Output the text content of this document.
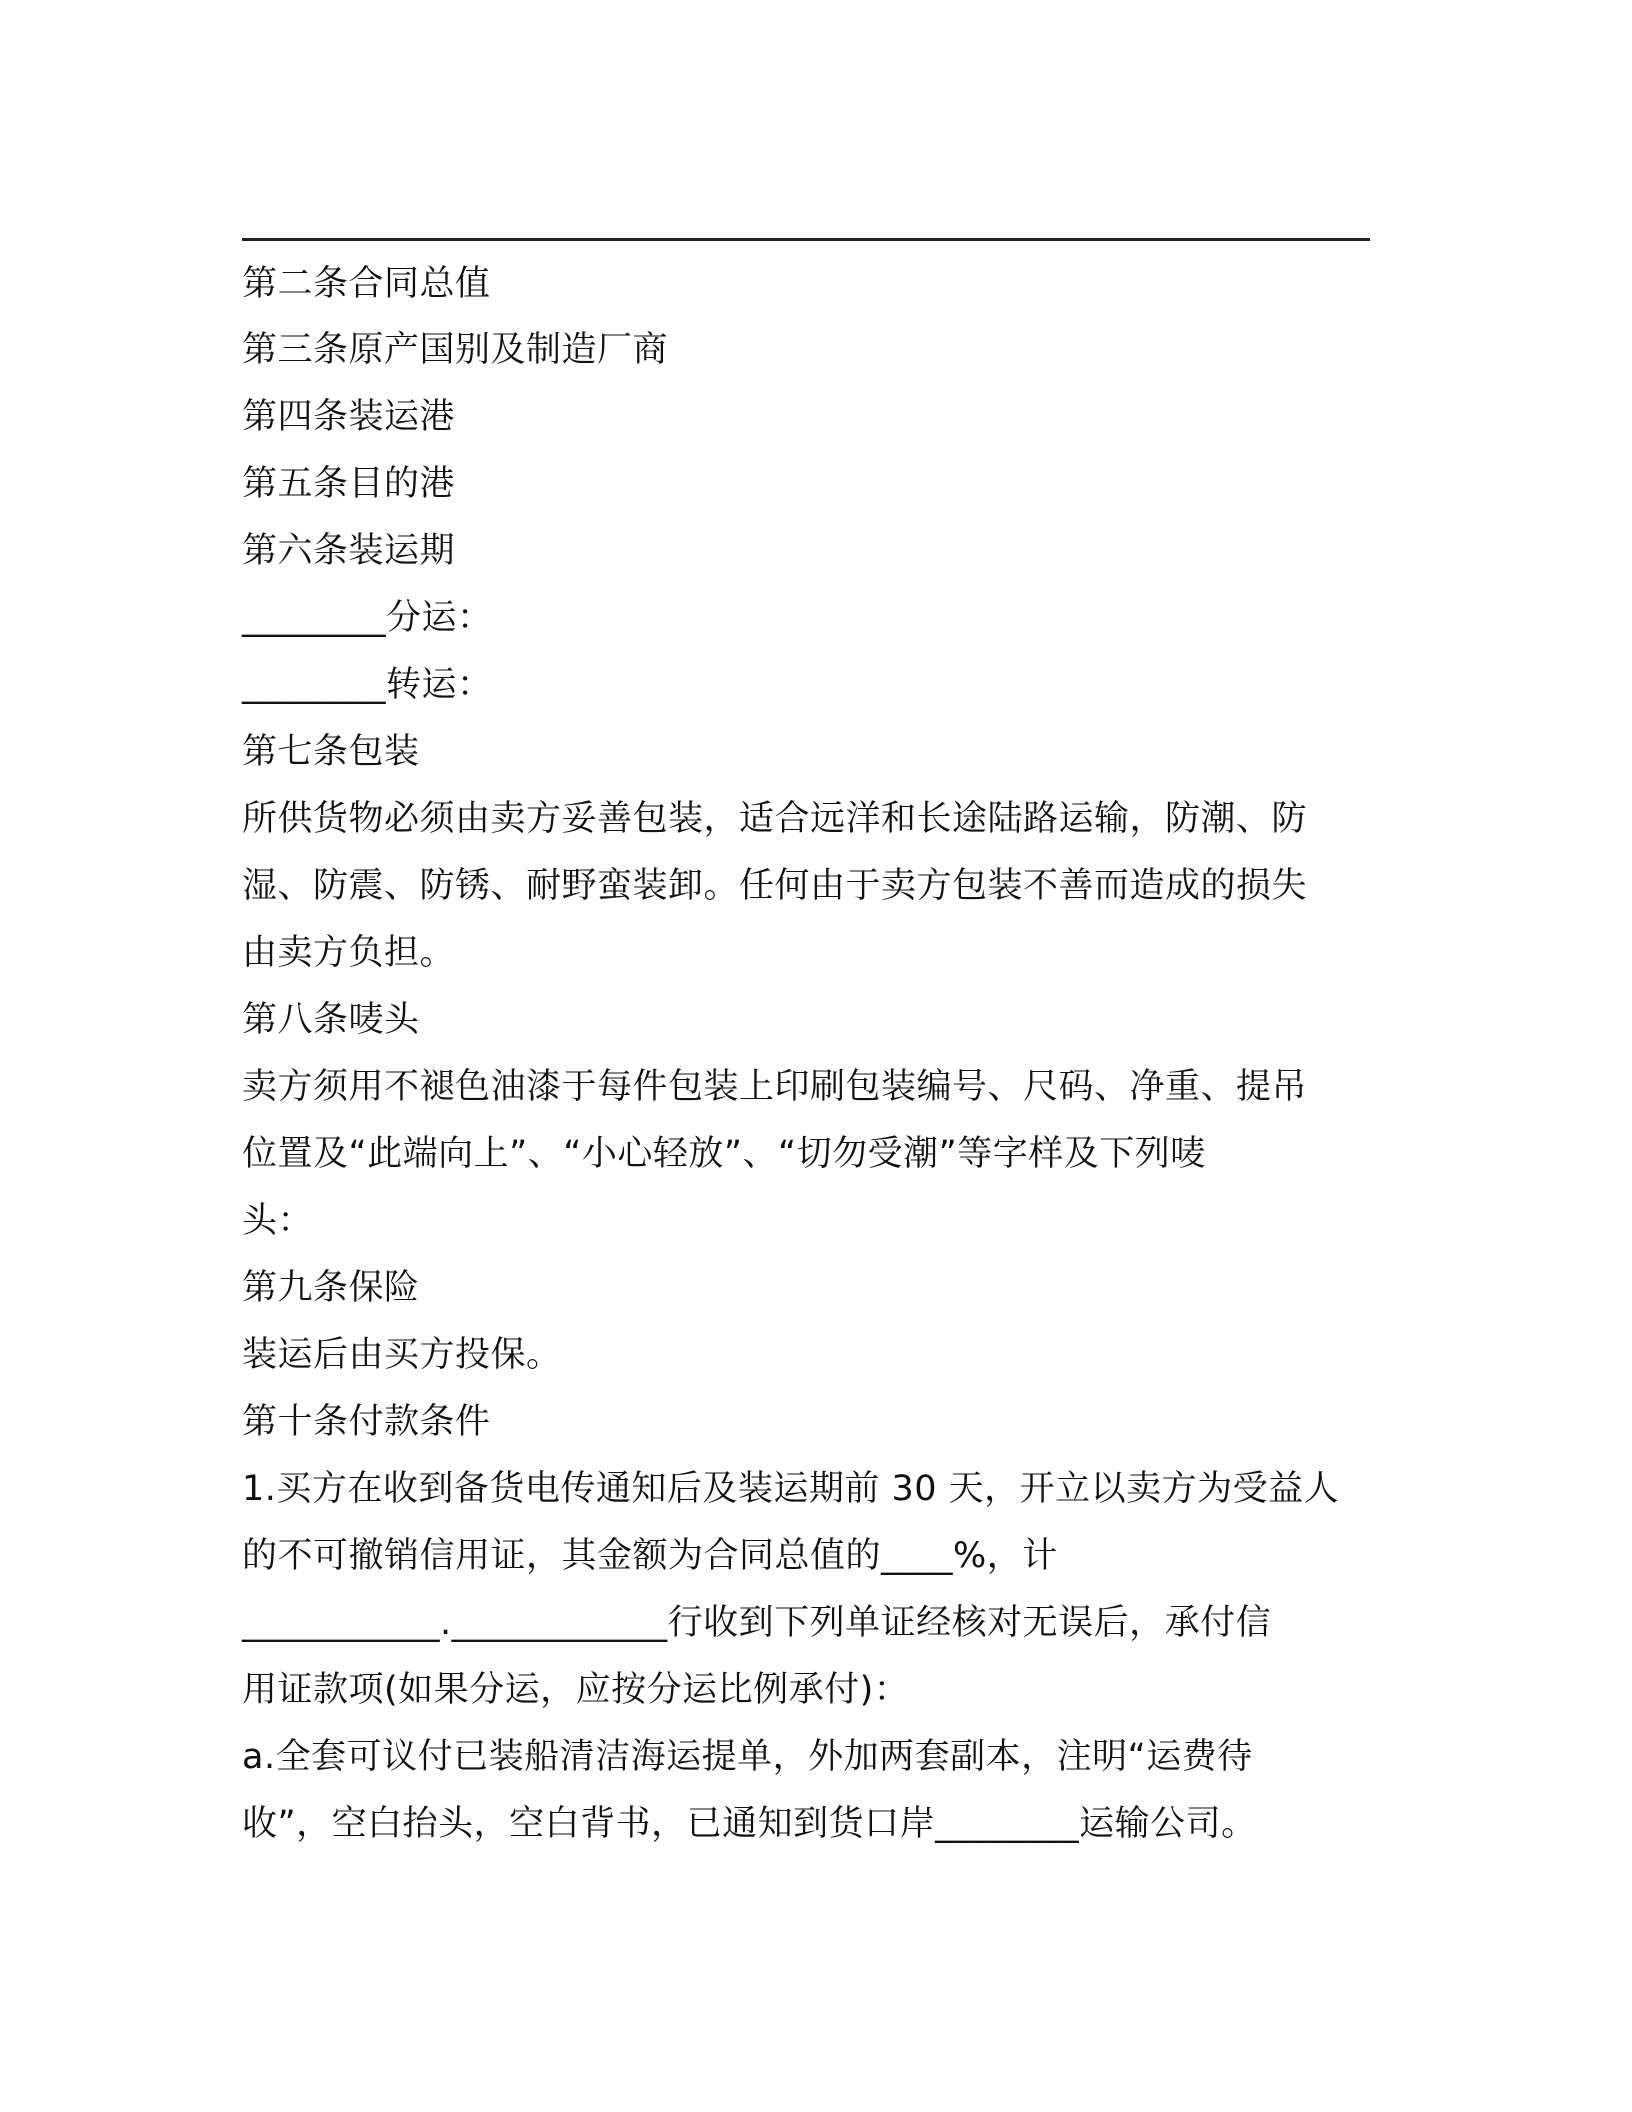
第二条合同总值
第三条原产国别及制造厂商
第四条装运港
第五条目的港
第六条装运期
________分运：
________转运：
第七条包装
所供货物必须由卖方妥善包装，适合远洋和长途陆路运输，防潮、防
湿、防震、防锈、耐野蛮装卸。任何由于卖方包装不善而造成的损失
由卖方负担。
第八条唛头
卖方须用不褪色油漆于每件包装上印刷包装编号、尺码、净重、提吊
位置及“此端向上”、“小心轻放”、“切勿受潮”等字样及下列唛
头：
第九条保险
装运后由买方投保。
第十条付款条件
1.买方在收到备货电传通知后及装运期前 30 天，开立以卖方为受益人
的不可撤销信用证，其金额为合同总值的____%，计
___________.____________行收到下列单证经核对无误后，承付信
用证款项(如果分运，应按分运比例承付)：
a.全套可议付已装船清洁海运提单，外加两套副本，注明“运费待
收”，空白抬头，空白背书，已通知到货口岸________运输公司。
